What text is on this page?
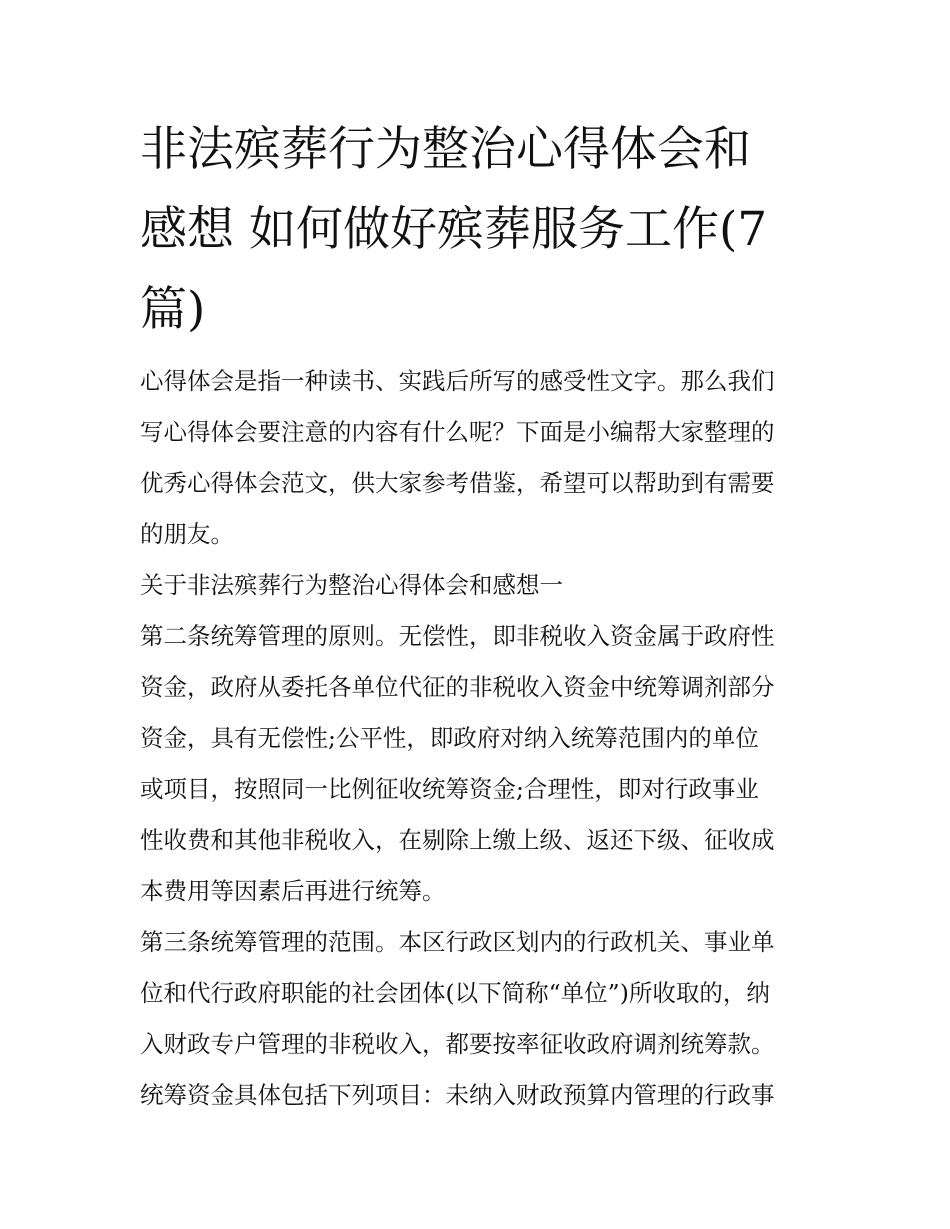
非法殡葬行为整治心得体会和
感想 如何做好殡葬服务工作(7
篇)
心得体会是指一种读书、实践后所写的感受性文字。那么我们
写心得体会要注意的内容有什么呢？下面是小编帮大家整理的
优秀心得体会范文，供大家参考借鉴，希望可以帮助到有需要
的朋友。
关于非法殡葬行为整治心得体会和感想一
第二条统筹管理的原则。无偿性，即非税收入资金属于政府性
资金，政府从委托各单位代征的非税收入资金中统筹调剂部分
资金，具有无偿性;公平性，即政府对纳入统筹范围内的单位
或项目，按照同一比例征收统筹资金;合理性，即对行政事业
性收费和其他非税收入，在剔除上缴上级、返还下级、征收成
本费用等因素后再进行统筹。
第三条统筹管理的范围。本区行政区划内的行政机关、事业单
位和代行政府职能的社会团体(以下简称“单位”)所收取的，纳
入财政专户管理的非税收入，都要按率征收政府调剂统筹款。
统筹资金具体包括下列项目：未纳入财政预算内管理的行政事
